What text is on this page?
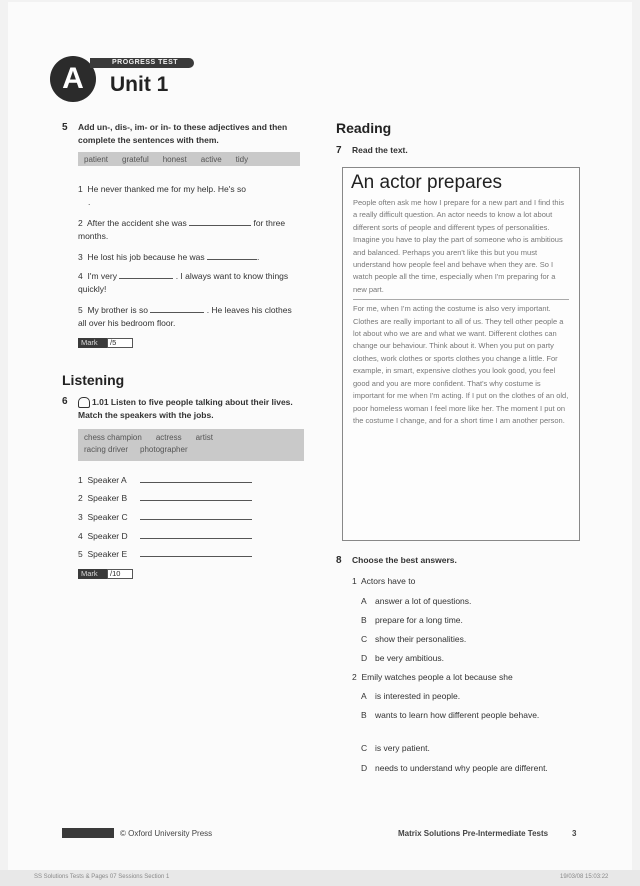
A	PROGRESS TEST
Unit 1
5 Add un-, dis-, im- or in- to these adjectives and then complete the sentences with them.
patient grateful honest active tidy
1 He never thanked me for my help. He's so
.
2 After the accident she was	for three months.
3 He lost his job because he was	.
4 I'm very	. I always want to know things quickly!
5 My brother is so	. He leaves his clothes all over his bedroom floor.
Mark	/5
Listening
6	1.01 Listen to five people talking about their lives. Match the speakers with the jobs.
chess champion actress artist
racing driver photographer
1 Speaker A
2 Speaker B
3 Speaker C
4 Speaker D
5 Speaker E
Mark	/10
Reading
7 Read the text.
An actor prepares
People often ask me how I prepare for a new part and I find this a really difficult question. An actor needs to know a lot about different sorts of people and different types of personalities. Imagine you have to play the part of someone who is ambitious and balanced. Perhaps you aren't like this but you must understand how people feel and behave when they are. So I watch people all the time, especially when I'm preparing for a new part.
For me, when I'm acting the costume is also very important. Clothes are really important to all of us. They tell other people a lot about who we are and what we want. Different clothes can change our behaviour. Think about it. When you put on party clothes, work clothes or sports clothes you change a little. For example, in smart, expensive clothes you look good, you feel good and you are more confident. That's why costume is important for me when I'm acting. If I put on the clothes of an old, poor homeless woman I feel more like her. The moment I put on the costume I change, and for a short time I am another person.
8 Choose the best answers.
1 Actors have to
A answer a lot of questions.
B prepare for a long time.
C show their personalities.
D be very ambitious.
2 Emily watches people a lot because she
A is interested in people.
B wants to learn how different people behave.
C is very patient.
D needs to understand why people are different.
© Oxford University Press	Matrix Solutions Pre-Intermediate Tests	3
SS Solutions Tests & Pages 07 Sessions Section 1	19/03/08 15:03:22
